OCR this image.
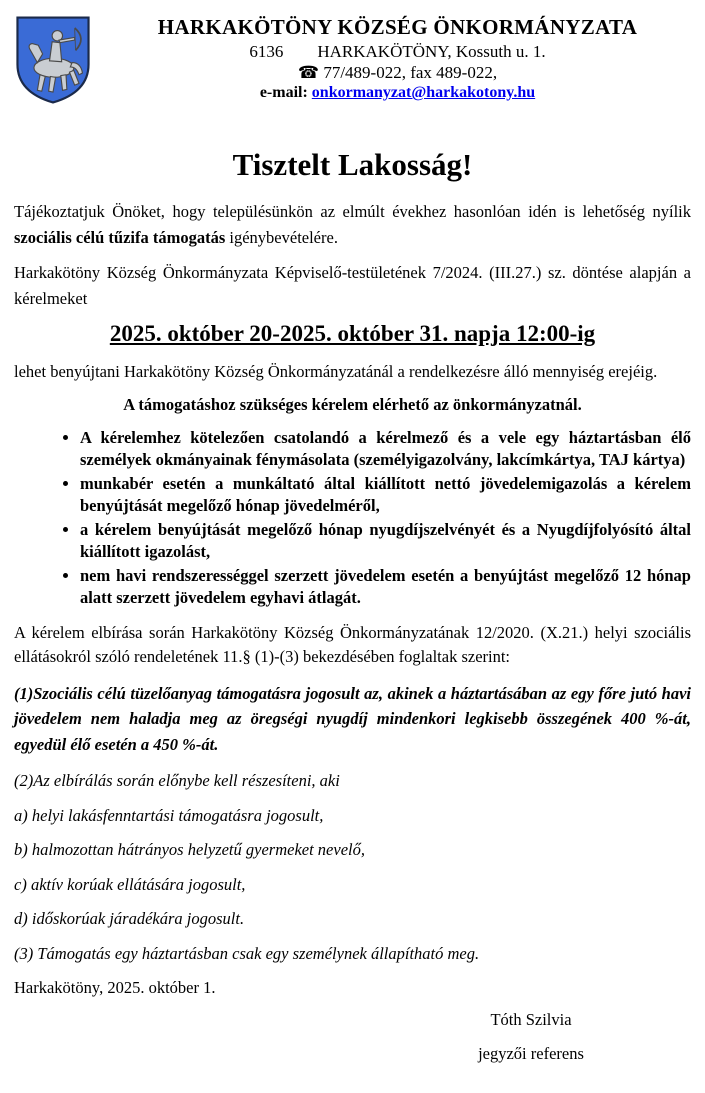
HARKAKÖTÖNY KÖZSÉG ÖNKORMÁNYZATA
6136 HARKAKÖTÖNY, Kossuth u. 1.
☎ 77/489-022, fax 489-022,
e-mail: onkormanyzat@harkakotony.hu
Tisztelt Lakosság!

Tájékoztatjuk Önöket, hogy településünkön az elmúlt évekhez hasonlóan idén is lehetőség nyílik szociális célú tűzifa támogatás igénybevételére.

Harkakötöny Község Önkormányzata Képviselő-testületének 7/2024. (III.27.) sz. döntése alapján a kérelmeket

2025. október 20-2025. október 31. napja 12:00-ig

lehet benyújtani Harkakötöny Község Önkormányzatánál a rendelkezésre álló mennyiség erejéig.

A támogatáshoz szükséges kérelem elérhető az önkormányzatnál.
• A kérelemhez kötelezően csatolandó a kérelmező és a vele egy háztartásban élő személyek okmányainak fénymásolata (személyigazolvány, lakcímkártya, TAJ kártya)
• munkabér esetén a munkáltató által kiállított nettó jövedelemigazolás a kérelem benyújtását megelőző hónap jövedelméről,
• a kérelem benyújtását megelőző hónap nyugdíjszelvényét és a Nyugdíjfolyósító által kiállított igazolást,
• nem havi rendszerességgel szerzett jövedelem esetén a benyújtást megelőző 12 hónap alatt szerzett jövedelem egyhavi átlagát.

A kérelem elbírása során Harkakötöny Község Önkormányzatának 12/2020. (X.21.) helyi szociális ellátásokról szóló rendeletének 11.§ (1)-(3) bekezdésében foglaltak szerint:

(1)Szociális célú tüzelőanyag támogatásra jogosult az, akinek a háztartásában az egy főre jutó havi jövedelem nem haladja meg az öregségi nyugdíj mindenkori legkisebb összegének 400 %-át, egyedül élő esetén a 450 %-át.

(2)Az elbírálás során előnybe kell részesíteni, aki

a) helyi lakásfenntartási támogatásra jogosult,

b) halmozottan hátrányos helyzetű gyermeket nevelő,

c) aktív korúak ellátására jogosult,

d) időskorúak járadékára jogosult.

(3) Támogatás egy háztartásban csak egy személynek állapítható meg.

Harkakötöny, 2025. október 1.

Tóth Szilvia
jegyzői referens
